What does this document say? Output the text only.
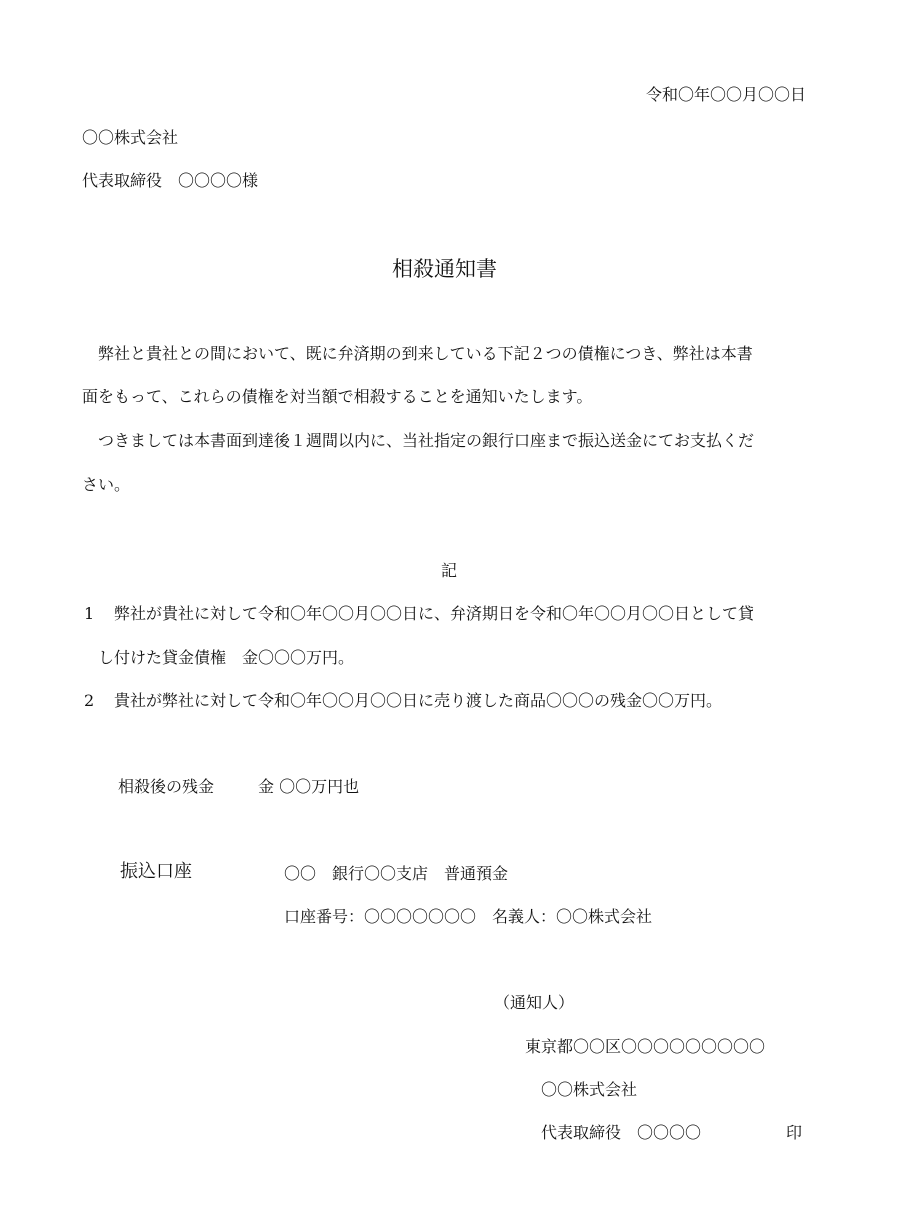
令和〇年〇〇月〇〇日
〇〇株式会社
代表取締役　〇〇〇〇様
相殺通知書
弊社と貴社との間において、既に弁済期の到来している下記２つの債権につき、弊社は本書
面をもって、これらの債権を対当額で相殺することを通知いたします。
つきましては本書面到達後１週間以内に、当社指定の銀行口座まで振込送金にてお支払くだ
さい。
記
1 弊社が貴社に対して令和〇年〇〇月〇〇日に、弁済期日を令和〇年〇〇月〇〇日として貸
し付けた貸金債権　金〇〇〇万円。
2 貴社が弊社に対して令和〇年〇〇月〇〇日に売り渡した商品〇〇〇の残金〇〇万円。
相殺後の残金	金 〇〇万円也
振込口座	〇〇　銀行〇〇支店　普通預金
口座番号：〇〇〇〇〇〇〇　名義人：〇〇株式会社
（通知人）
東京都〇〇区〇〇〇〇〇〇〇〇〇
〇〇株式会社
代表取締役　〇〇〇〇	印
